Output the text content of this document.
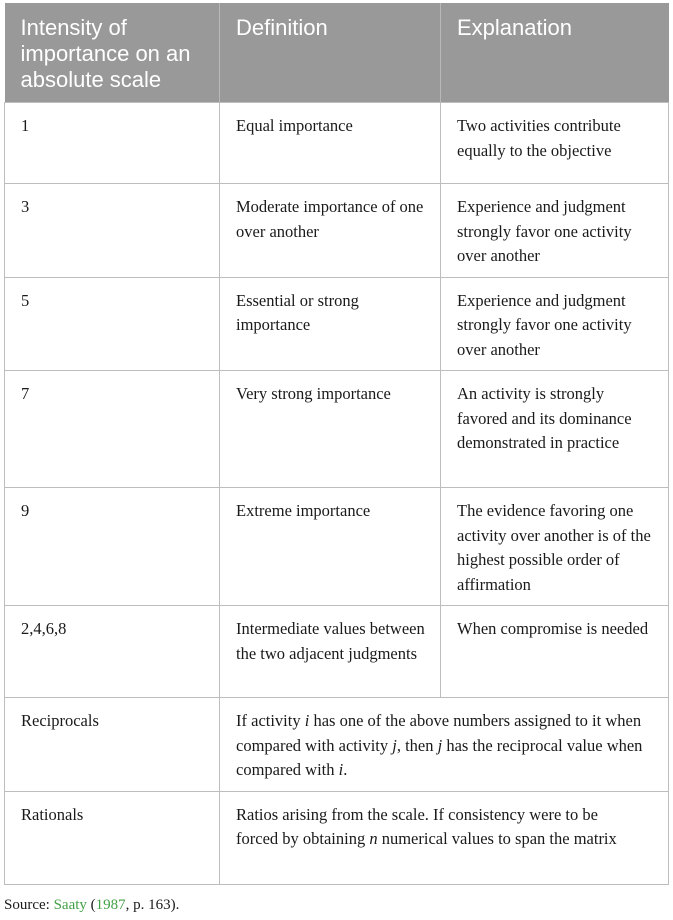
Intensity of importance on an absolute scale	Definition	Explanation
1	Equal importance	Two activities contribute equally to the objective
3	Moderate importance of one over another	Experience and judgment strongly favor one activity over another
5	Essential or strong importance	Experience and judgment strongly favor one activity over another
7	Very strong importance	An activity is strongly favored and its dominance demonstrated in practice
9	Extreme importance	The evidence favoring one activity over another is of the highest possible order of affirmation
2,4,6,8	Intermediate values between the two adjacent judgments	When compromise is needed
Reciprocals	If activity i has one of the above numbers assigned to it when compared with activity j, then j has the reciprocal value when compared with i.	
Rationals	Ratios arising from the scale. If consistency were to be forced by obtaining n numerical values to span the matrix	
Source: Saaty (1987, p. 163).
